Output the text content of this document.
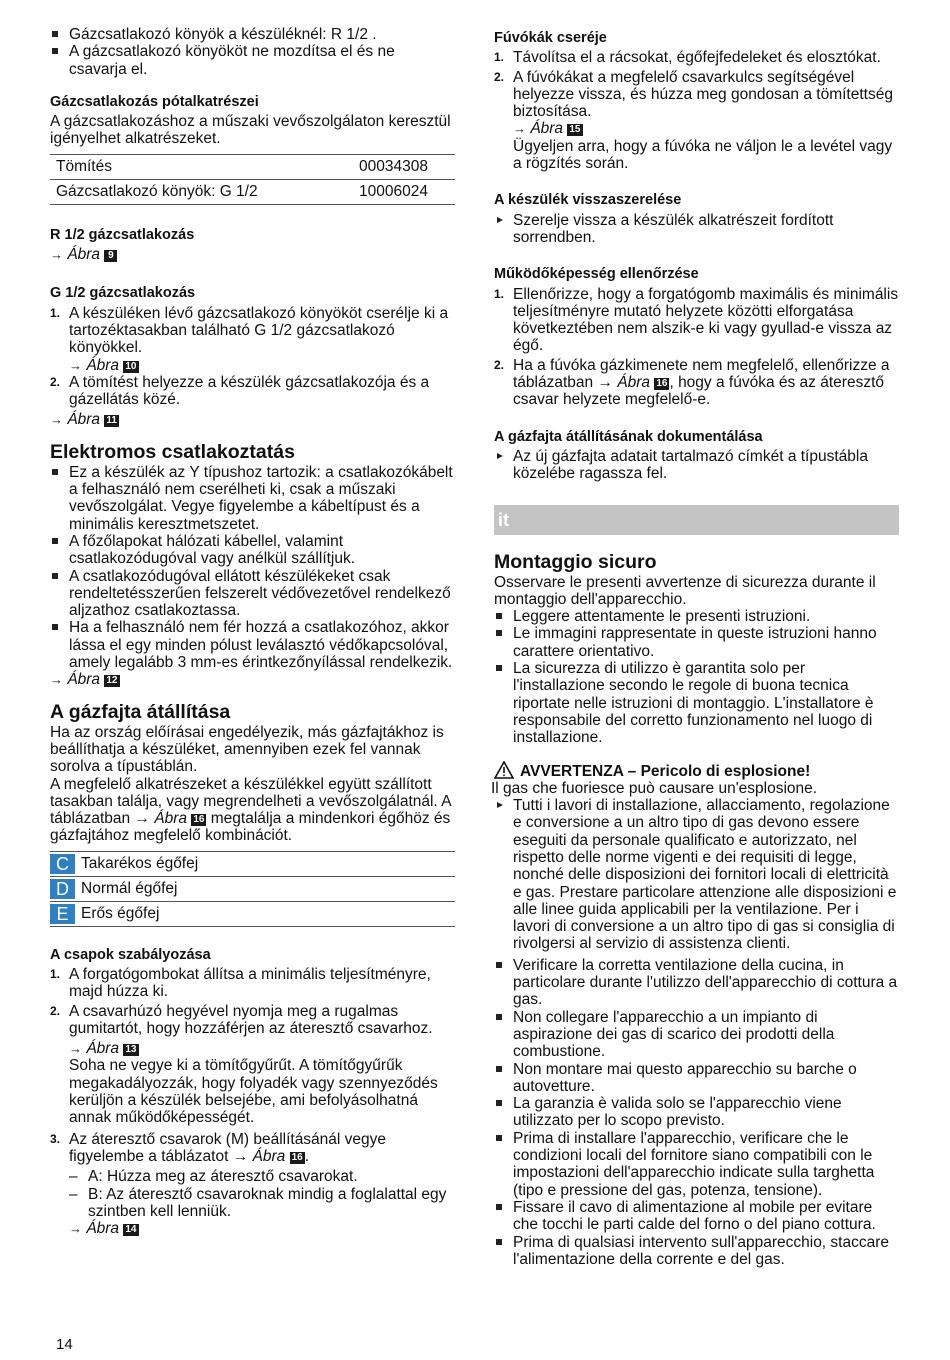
Gázcsatlakozó könyök a készüléknél: R 1/2 .
A gázcsatlakozó könyököt ne mozdítsa el és ne csavarja el.

Gázcsatlakozás pótalkatrészei

A gázcsatlakozáshoz a műszaki vevőszolgálaton keresztül igényelhet alkatrészeket.

Tömítés	00034308
Gázcsatlakozó könyök: G 1/2	10006024

R 1/2 gázcsatlakozás

→ Ábra 9

G 1/2 gázcsatlakozás

1. A készüléken lévő gázcsatlakozó könyököt cserélje ki a tartozéktasakban található G 1/2 gázcsatlakozó könyökkel.
→ Ábra 10
2. A tömítést helyezze a készülék gázcsatlakozója és a gázellátás közé.

→ Ábra 11

Elektromos csatlakoztatás

Ez a készülék az Y típushoz tartozik: a csatlakozókábelt a felhasználó nem cserélheti ki, csak a műszaki vevőszolgálat. Vegye figyelembe a kábeltípust és a minimális keresztmetszetet.
A főzőlapokat hálózati kábellel, valamint csatlakozódugóval vagy anélkül szállítjuk.
A csatlakozódugóval ellátott készülékeket csak rendeltetésszerűen felszerelt védővezetővel rendelkező aljzathoz csatlakoztassa.
Ha a felhasználó nem fér hozzá a csatlakozóhoz, akkor lássa el egy minden pólust leválasztó védőkapcsolóval, amely legalább 3 mm-es érintkezőnyílással rendelkezik.

→ Ábra 12

A gázfajta átállítása

Ha az ország előírásai engedélyezik, más gázfajtákhoz is beállíthatja a készüléket, amennyiben ezek fel vannak sorolva a típustáblán.

A megfelelő alkatrészeket a készülékkel együtt szállított tasakban találja, vagy megrendelheti a vevőszolgálatnál. A táblázatban → Ábra 16 megtalálja a mindenkori égőhöz és gázfajtához megfelelő kombinációt.

C Takarékos égőfej
D Normál égőfej
E Erős égőfej

A csapok szabályozása

1. A forgatógombokat állítsa a minimális teljesítményre, majd húzza ki.
2. A csavarhúzó hegyével nyomja meg a rugalmas gumitartót, hogy hozzáférjen az áteresztő csavarhoz.
→ Ábra 13
Soha ne vegye ki a tömítőgyűrűt. A tömítőgyűrűk megakadályozzák, hogy folyadék vagy szennyeződés kerüljön a készülék belsejébe, ami befolyásolhatná annak működőképességét.
3. Az áteresztő csavarok (M) beállításánál vegye figyelembe a táblázatot → Ábra 16 .
– A: Húzza meg az áteresztő csavarokat.
– B: Az áteresztő csavaroknak mindig a foglalattal egy szintben kell lenniük.
→ Ábra 14

Fúvókák cseréje

1. Távolítsa el a rácsokat, égőfejfedeleket és elosztókat.
2. A fúvókákat a megfelelő csavarkulcs segítségével helyezze vissza, és húzza meg gondosan a tömítettség biztosítása.
→ Ábra 15
Ügyeljen arra, hogy a fúvóka ne váljon le a levétel vagy a rögzítés során.

A készülék visszaszerelése

Szerelje vissza a készülék alkatrészeit fordított sorrendben.

Működőképesség ellenőrzése

1. Ellenőrizze, hogy a forgatógomb maximális és minimális teljesítményre mutató helyzete közötti elforgatása következtében nem alszik-e ki vagy gyullad-e vissza az égő.
2. Ha a fúvóka gázkimenete nem megfelelő, ellenőrizze a táblázatban → Ábra 16 , hogy a fúvóka és az áteresztő csavar helyzete megfelelő-e.

A gázfajta átállításának dokumentálása

Az új gázfajta adatait tartalmazó címkét a típustábla közelébe ragassza fel.
it

Montaggio sicuro

Osservare le presenti avvertenze di sicurezza durante il montaggio dell'apparecchio.

Leggere attentamente le presenti istruzioni.
Le immagini rappresentate in queste istruzioni hanno carattere orientativo.
La sicurezza di utilizzo è garantita solo per l'installazione secondo le regole di buona tecnica riportate nelle istruzioni di montaggio. L'installatore è responsabile del corretto funzionamento nel luogo di installazione.

AVVERTENZA – Pericolo di esplosione!

Il gas che fuoriesce può causare un'esplosione.

Tutti i lavori di installazione, allacciamento, regolazione e conversione a un altro tipo di gas devono essere eseguiti da personale qualificato e autorizzato, nel rispetto delle norme vigenti e dei requisiti di legge, nonché delle disposizioni dei fornitori locali di elettricità e gas. Prestare particolare attenzione alle disposizioni e alle linee guida applicabili per la ventilazione. Per i lavori di conversione a un altro tipo di gas si consiglia di rivolgersi al servizio di assistenza clienti.
Verificare la corretta ventilazione della cucina, in particolare durante l'utilizzo dell'apparecchio di cottura a gas.
Non collegare l'apparecchio a un impianto di aspirazione dei gas di scarico dei prodotti della combustione.
Non montare mai questo apparecchio su barche o autovetture.
La garanzia è valida solo se l'apparecchio viene utilizzato per lo scopo previsto.
Prima di installare l'apparecchio, verificare che le condizioni locali del fornitore siano compatibili con le impostazioni dell'apparecchio indicate sulla targhetta (tipo e pressione del gas, potenza, tensione).
Fissare il cavo di alimentazione al mobile per evitare che tocchi le parti calde del forno o del piano cottura.
Prima di qualsiasi intervento sull'apparecchio, staccare l'alimentazione della corrente e del gas.
14
